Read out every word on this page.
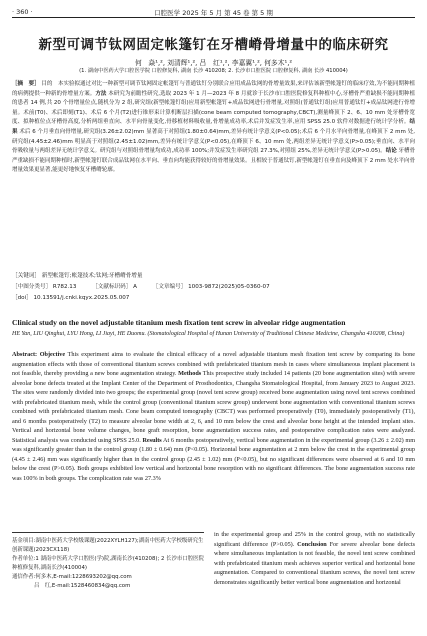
· 360 ·	口腔医学 2025 年 5 月 第 45 卷 第 5 期
新型可调节钛网固定帐篷钉在牙槽嵴骨增量中的临床研究
何　焱¹,², 刘清辉¹,², 吕　红¹,², 李嘉翼¹,², 何多木¹,²
(1. 湖南中医药大学口腔医学院 口腔修复科, 湖南 长沙 410208; 2. 长沙市口腔医院 口腔修复科, 湖南 长沙 410004)
［摘　要］ 目的　本实验拟通过对比一种新型可调节钛网固定帐篷钉与普通钛钉分别联合应用成品钛网的骨增量效果,来评估该新型帐篷钉的临床疗效,为不能同期种植的病例提供一种新的骨增量方案。方法 本研究为前瞻性研究,选取 2023 年 1 月—2023 年 8 月就诊于长沙市口腔医院修复科种植中心,牙槽骨严重缺损不能同期种植的患者 14 例,共 20 个骨增量位点,随机分为 2 组,研究组(新型帐篷钉组)应用新型帐篷钉+成品钛网进行骨增量,对照组(普通钛钉组)应用普通钛钉+成品钛网进行骨增量。术前(T0)、术后即刻(T1)、术后 6 个月(T2)进行锥形束计算机断层扫描(cone beam computed tomography,CBCT),测量峰顶下 2、6、10 mm 处牙槽骨宽度、拟种植位点牙槽骨高度,分析两组垂直向、水平向骨量变化,骨移植材料吸收量,骨增量成功率,术后并发症发生率,应用 SPSS 25.0 软件对数据进行统计学分析。结果 术后 6 个月垂直向骨增量,研究组(3.26±2.02)mm 显著高于对照组(1.80±0.64)mm,差异有统计学意义(P<0.05);术后 6 个月水平向骨增量,在峰顶下 2 mm 处,研究组(4.45±2.46)mm 明显高于对照组(2.45±1.02)mm,差异有统计学意义(P<0.05),在峰顶下 6、10 mm 处,两组差异无统计学意义(P>0.05);垂直向、水平向骨吸收量与两组差异无统计学意义。研究组与对照组骨增量均成功,成功率 100%;并发症发生率研究组 27.3%,对照组 25%,差异无统计学意义(P>0.05)。结论 牙槽骨严重缺损不能同期种植时,新型帐篷钉联合成品钛网在水平向、垂直向均能获得较好的骨增量效果。且相较于普通钛钉,新型帐篷钉在垂直向及峰顶下 2 mm 处水平向骨增量效果更显著,能更好地恢复牙槽嵴轮廓。
［关键词］ 新型帐篷钉;帐篷技术;钛网;牙槽嵴骨增量
［中图分类号］ R782.13	［文献标识码］ A	［文章编号］ 1003-9872(2025)05-0360-07
［doi］ 10.13591/j.cnki.kqyx.2025.05.007
Clinical study on the novel adjustable titanium mesh fixation tent screw in alveolar ridge augmentation
HE Yan, LIU Qinghui, LYU Hong, LI Jiayi, HE Duomu. (Stomatological Hospital of Hunan University of Traditional Chinese Medicine, Changsha 410208, China)
Abstract: Objective This experiment aims to evaluate the clinical efficacy of a novel adjustable titanium mesh fixation tent screw by comparing its bone augmentation effects with those of conventional titanium screws combined with prefabricated titanium mesh in cases where simultaneous implant placement is not feasible, thereby providing a new bone augmentation strategy. Methods This prospective study included 14 patients (20 bone augmentation sites) with severe alveolar bone defects treated at the Implant Center of the Department of Prosthodontics, Changsha Stomatological Hospital, from January 2023 to August 2023. The sites were randomly divided into two groups; the experimental group (novel tent screw group) received bone augmentation using novel tent screws combined with prefabricated titanium mesh, while the control group (conventional titanium screw group) underwent bone augmentation with conventional titanium screws combined with prefabricated titanium mesh. Cone beam computed tomography (CBCT) was performed preoperatively (T0), immediately postoperatively (T1), and 6 months postoperatively (T2) to measure alveolar bone width at 2, 6, and 10 mm below the crest and alveolar bone height at the intended implant sites. Vertical and horizontal bone volume changes, bone graft resorption, bone augmentation success rates, and postoperative complication rates were analyzed. Statistical analysis was conducted using SPSS 25.0. Results At 6 months postoperatively, vertical bone augmentation in the experimental group (3.26 ± 2.02) mm was significantly greater than in the control group (1.80 ± 0.64) mm (P<0.05). Horizontal bone augmentation at 2 mm below the crest in the experimental group (4.45 ± 2.46) mm was significantly higher than in the control group (2.45 ± 1.02) mm (P<0.05), but no significant differences were observed at 6 and 10 mm below the crest (P>0.05). Both groups exhibited low vertical and horizontal bone resorption with no significant differences. The bone augmentation success rate was 100% in both groups. The complication rate was 27.3%
基金项目:湖南中医药大学校级课题(2022XYLH127);湖南中医药大学校级研究生创新课题(2023CX118)
作者单位:1 湖南中医药大学口腔医(学)院,湖南长沙(410208); 2 长沙市口腔医院种植修复科,湖南长沙(410004)
通信作者:何多木,E-mail:1228693202@qq.com
吕　红,E-mail:1528460834@qq.com
in the experimental group and 25% in the control group, with no statistically significant difference (P>0.05). Conclusion For severe alveolar bone defects where simultaneous implantation is not feasible, the novel tent screw combined with prefabricated titanium mesh achieves superior vertical and horizontal bone augmentation. Compared to conventional titanium screws, the novel tent screw demonstrates significantly better vertical bone augmentation and horizontal
